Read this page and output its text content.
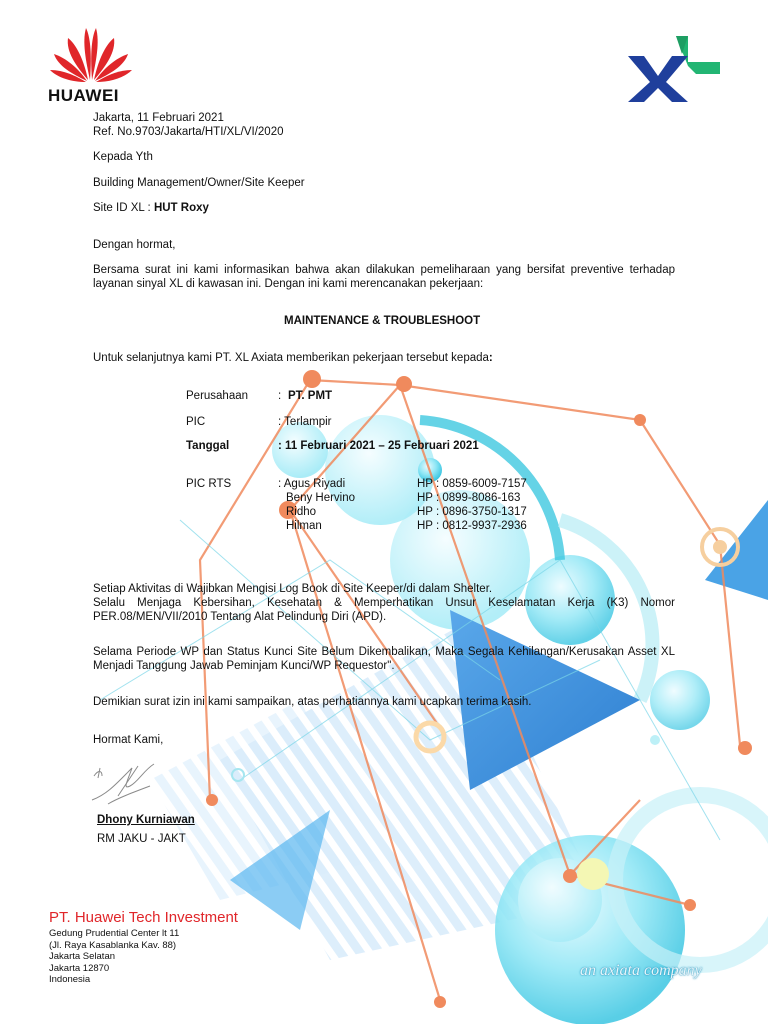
HUAWEI
Jakarta, 11 Februari 2021
Ref. No.9703/Jakarta/HTI/XL/VI/2020
Kepada Yth
Building Management/Owner/Site Keeper
Site ID XL : HUT Roxy
Dengan hormat,
Bersama surat ini kami informasikan bahwa akan dilakukan pemeliharaan yang bersifat preventive terhadap layanan sinyal XL di kawasan ini. Dengan ini kami merencanakan pekerjaan:
MAINTENANCE & TROUBLESHOOT
Untuk selanjutnya kami PT. XL Axiata memberikan pekerjaan tersebut kepada:
Perusahaan	: PT. PMT
PIC	: Terlampir
Tanggal	: 11 Februari 2021 – 25 Februari 2021
PIC RTS	: Agus Riyadi	HP : 0859-6009-7157
Beny Hervino	HP : 0899-8086-163
Ridho	HP : 0896-3750-1317
Hilman	HP : 0812-9937-2936
Setiap Aktivitas di Wajibkan Mengisi Log Book di Site Keeper/di dalam Shelter.
Selalu Menjaga Kebersihan, Kesehatan & Memperhatikan Unsur Keselamatan Kerja (K3) Nomor PER.08/MEN/VII/2010 Tentang Alat Pelindung Diri (APD).
Selama Periode WP dan Status Kunci Site Belum Dikembalikan, Maka Segala Kehilangan/Kerusakan Asset XL Menjadi Tanggung Jawab Peminjam Kunci/WP Requestor".
Demikian surat izin ini kami sampaikan, atas perhatiannya kami ucapkan terima kasih.
Hormat Kami,
Dhony Kurniawan
RM JAKU - JAKT
PT. Huawei Tech Investment
Gedung Prudential Center lt 11
(Jl. Raya Kasablanka Kav. 88)
Jakarta Selatan
Jakarta 12870
Indonesia
an axiata company
